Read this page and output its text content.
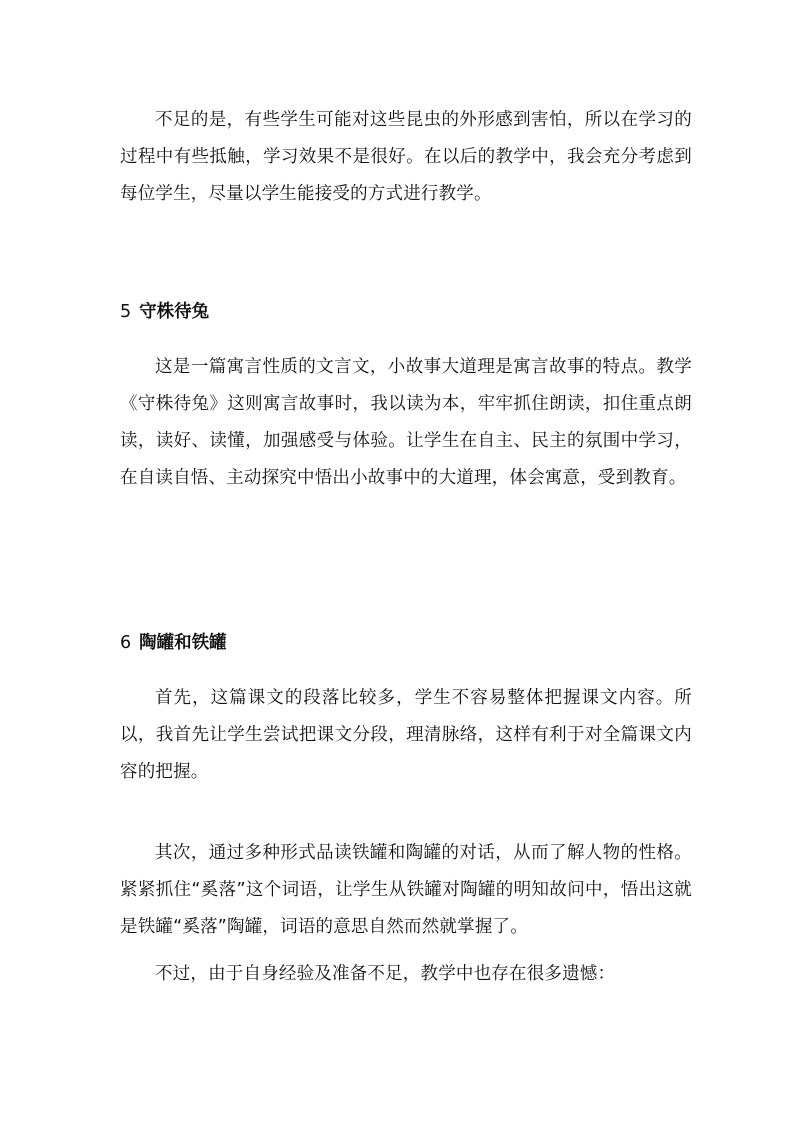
不足的是，有些学生可能对这些昆虫的外形感到害怕，所以在学习的过程中有些抵触，学习效果不是很好。在以后的教学中，我会充分考虑到每位学生，尽量以学生能接受的方式进行教学。

5 守株待兔

这是一篇寓言性质的文言文，小故事大道理是寓言故事的特点。教学《守株待兔》这则寓言故事时，我以读为本，牢牢抓住朗读，扣住重点朗读，读好、读懂，加强感受与体验。让学生在自主、民主的氛围中学习，在自读自悟、主动探究中悟出小故事中的大道理，体会寓意，受到教育。

6 陶罐和铁罐

首先，这篇课文的段落比较多，学生不容易整体把握课文内容。所以，我首先让学生尝试把课文分段，理清脉络，这样有利于对全篇课文内容的把握。

其次，通过多种形式品读铁罐和陶罐的对话，从而了解人物的性格。紧紧抓住“奚落”这个词语，让学生从铁罐对陶罐的明知故问中，悟出这就是铁罐“奚落”陶罐，词语的意思自然而然就掌握了。

不过，由于自身经验及准备不足，教学中也存在很多遗憾：
